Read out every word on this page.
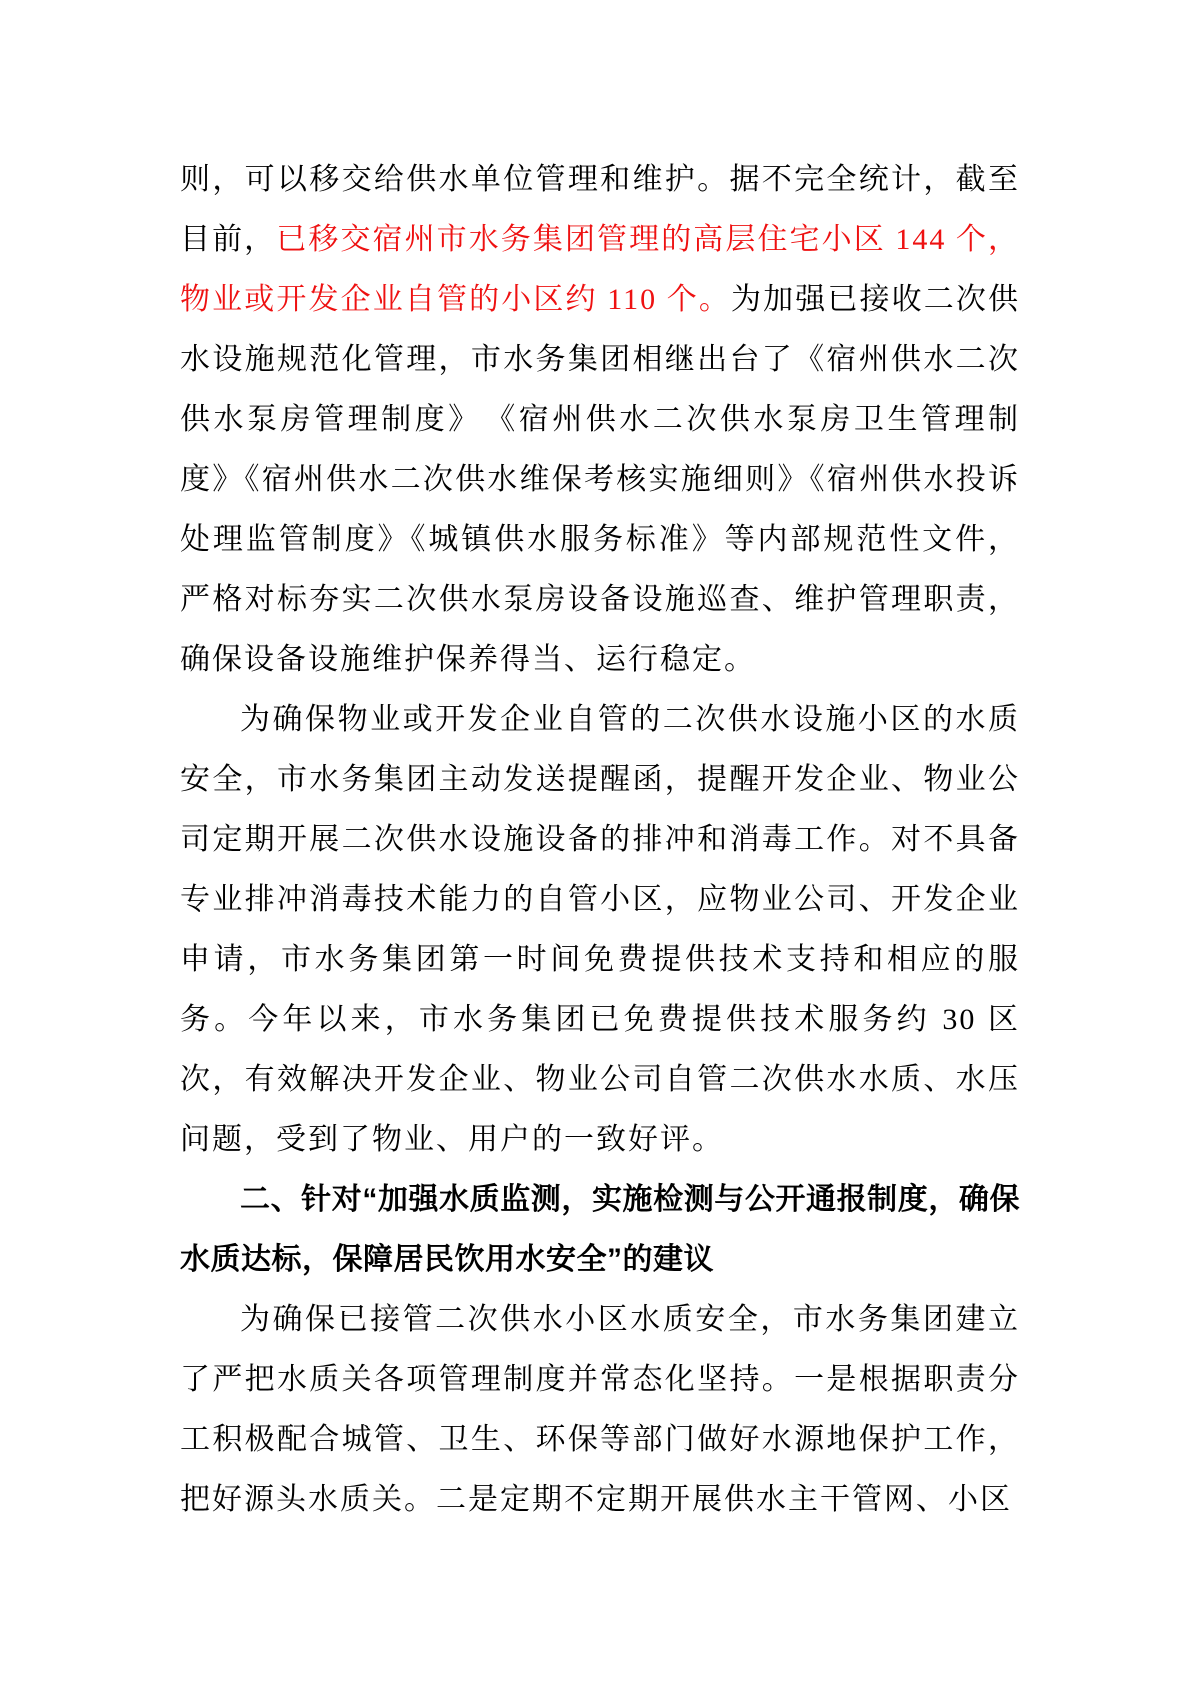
则，可以移交给供水单位管理和维护。据不完全统计，截至目前，已移交宿州市水务集团管理的高层住宅小区 144 个，物业或开发企业自管的小区约 110 个。为加强已接收二次供水设施规范化管理，市水务集团相继出台了《宿州供水二次供水泵房管理制度》　《宿州供水二次供水泵房卫生管理制度》《宿州供水二次供水维保考核实施细则》《宿州供水投诉处理监管制度》《城镇供水服务标准》等内部规范性文件，严格对标夯实二次供水泵房设备设施巡查、维护管理职责，确保设备设施维护保养得当、运行稳定。

为确保物业或开发企业自管的二次供水设施小区的水质安全，市水务集团主动发送提醒函，提醒开发企业、物业公司定期开展二次供水设施设备的排冲和消毒工作。对不具备专业排冲消毒技术能力的自管小区，应物业公司、开发企业申请，市水务集团第一时间免费提供技术支持和相应的服务。今年以来，市水务集团已免费提供技术服务约 30 区次，有效解决开发企业、物业公司自管二次供水水质、水压问题，受到了物业、用户的一致好评。

二、针对“加强水质监测，实施检测与公开通报制度，确保水质达标，保障居民饮用水安全”的建议

为确保已接管二次供水小区水质安全，市水务集团建立了严把水质关各项管理制度并常态化坚持。一是根据职责分工积极配合城管、卫生、环保等部门做好水源地保护工作，把好源头水质关。二是定期不定期开展供水主干管网、小区
